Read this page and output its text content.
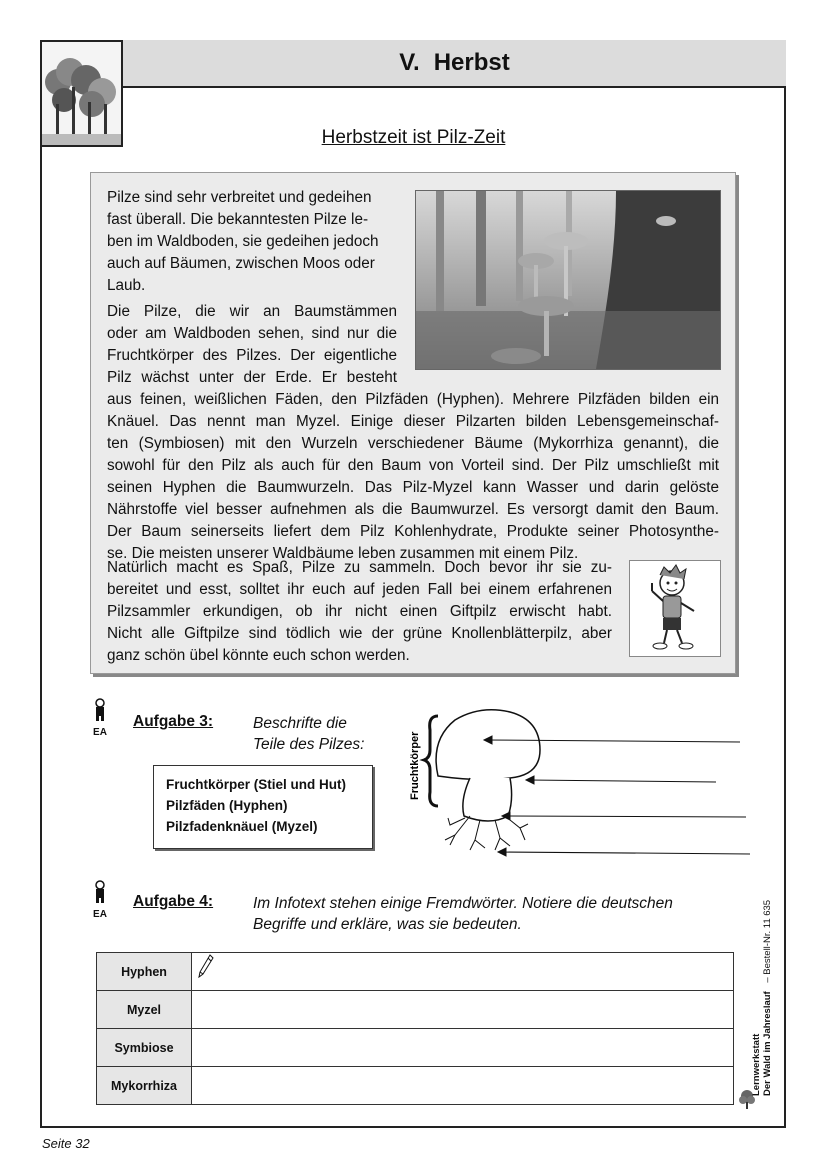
V. Herbst
Herbstzeit ist Pilz-Zeit
Pilze sind sehr verbreitet und gedeihen
fast überall. Die bekanntesten Pilze le-
ben im Waldboden, sie gedeihen jedoch
auch auf Bäumen, zwischen Moos oder
Laub.
Die Pilze, die wir an Baumstämmen
oder am Waldboden sehen, sind nur die
Fruchtkörper des Pilzes. Der eigentliche
Pilz wächst unter der Erde. Er besteht
aus feinen, weißlichen Fäden, den Pilzfäden (Hyphen). Mehrere Pilzfäden bilden ein
Knäuel. Das nennt man Myzel. Einige dieser Pilzarten bilden Lebensgemeinschaf-
ten (Symbiosen) mit den Wurzeln verschiedener Bäume (Mykorrhiza genannt), die
sowohl für den Pilz als auch für den Baum von Vorteil sind. Der Pilz umschließt mit
seinen Hyphen die Baumwurzeln. Das Pilz-Myzel kann Wasser und darin gelöste
Nährstoffe viel besser aufnehmen als die Baumwurzel. Es versorgt damit den Baum.
Der Baum seinerseits liefert dem Pilz Kohlenhydrate, Produkte seiner Photosynthe-
se. Die meisten unserer Waldbäume leben zusammen mit einem Pilz.
Natürlich macht es Spaß, Pilze zu sammeln. Doch bevor ihr sie zu-
bereitet und esst, solltet ihr euch auf jeden Fall bei einem erfahrenen
Pilzsammler erkundigen, ob ihr nicht einen Giftpilz erwischt habt.
Nicht alle Giftpilze sind tödlich wie der grüne Knollenblätterpilz, aber
ganz schön übel könnte euch schon werden.
EA
Aufgabe 3:	Beschrifte die
Teile des Pilzes:
Fruchtkörper (Stiel und Hut)
Pilzfäden (Hyphen)
Pilzfadenknäuel (Myzel)
Fruchtkörper
EA
Aufgabe 4:	Im Infotext stehen einige Fremdwörter. Notiere die deutschen
Begriffe und erkläre, was sie bedeuten.
Hyphen	
Myzel	
Symbiose	
Mykorrhiza		Lernwerkstatt Der Wald im Jahreslauf – Bestell-Nr. 11 635
Seite 32
